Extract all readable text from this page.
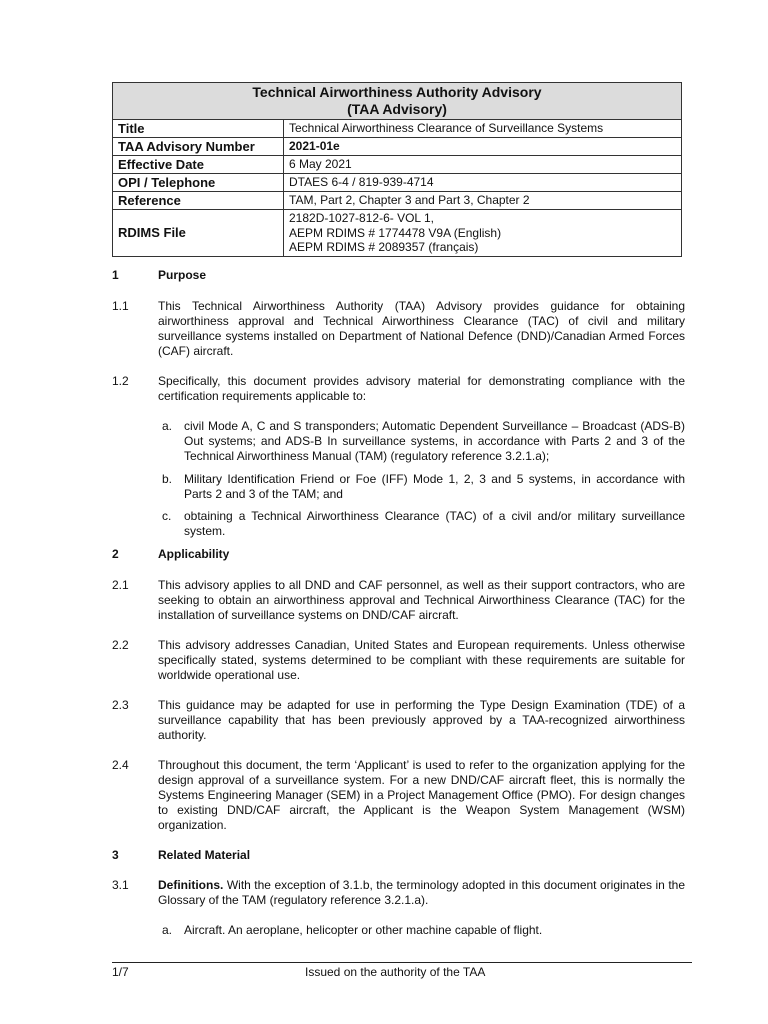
Technical Airworthiness Authority Advisory
(TAA Advisory)	

Title	Technical Airworthiness Clearance of Surveillance Systems
TAA Advisory Number	2021-01e
Effective Date	6 May 2021
OPI / Telephone	DTAES 6-4 / 819-939-4714
Reference	TAM, Part 2, Chapter 3 and Part 3, Chapter 2
RDIMS File	2182D-1027-812-6- VOL 1,
AEPM RDIMS # 1774478 V9A (English)
AEPM RDIMS # 2089357 (français)
1	Purpose
1.1 This Technical Airworthiness Authority (TAA) Advisory provides guidance for obtaining airworthiness approval and Technical Airworthiness Clearance (TAC) of civil and military surveillance systems installed on Department of National Defence (DND)/Canadian Armed Forces (CAF) aircraft.
1.2 Specifically, this document provides advisory material for demonstrating compliance with the certification requirements applicable to:
a. civil Mode A, C and S transponders; Automatic Dependent Surveillance – Broadcast (ADS-B) Out systems; and ADS-B In surveillance systems, in accordance with Parts 2 and 3 of the Technical Airworthiness Manual (TAM) (regulatory reference 3.2.1.a);
b. Military Identification Friend or Foe (IFF) Mode 1, 2, 3 and 5 systems, in accordance with Parts 2 and 3 of the TAM; and
c. obtaining a Technical Airworthiness Clearance (TAC) of a civil and/or military surveillance system.
2	Applicability
2.1 This advisory applies to all DND and CAF personnel, as well as their support contractors, who are seeking to obtain an airworthiness approval and Technical Airworthiness Clearance (TAC) for the installation of surveillance systems on DND/CAF aircraft.
2.2 This advisory addresses Canadian, United States and European requirements. Unless otherwise specifically stated, systems determined to be compliant with these requirements are suitable for worldwide operational use.
2.3 This guidance may be adapted for use in performing the Type Design Examination (TDE) of a surveillance capability that has been previously approved by a TAA-recognized airworthiness authority.
2.4 Throughout this document, the term ‘Applicant’ is used to refer to the organization applying for the design approval of a surveillance system. For a new DND/CAF aircraft fleet, this is normally the Systems Engineering Manager (SEM) in a Project Management Office (PMO). For design changes to existing DND/CAF aircraft, the Applicant is the Weapon System Management (WSM) organization.
3	Related Material
3.1 Definitions. With the exception of 3.1.b, the terminology adopted in this document originates in the Glossary of the TAM (regulatory reference 3.2.1.a).
a. Aircraft. An aeroplane, helicopter or other machine capable of flight.
1/7	Issued on the authority of the TAA
